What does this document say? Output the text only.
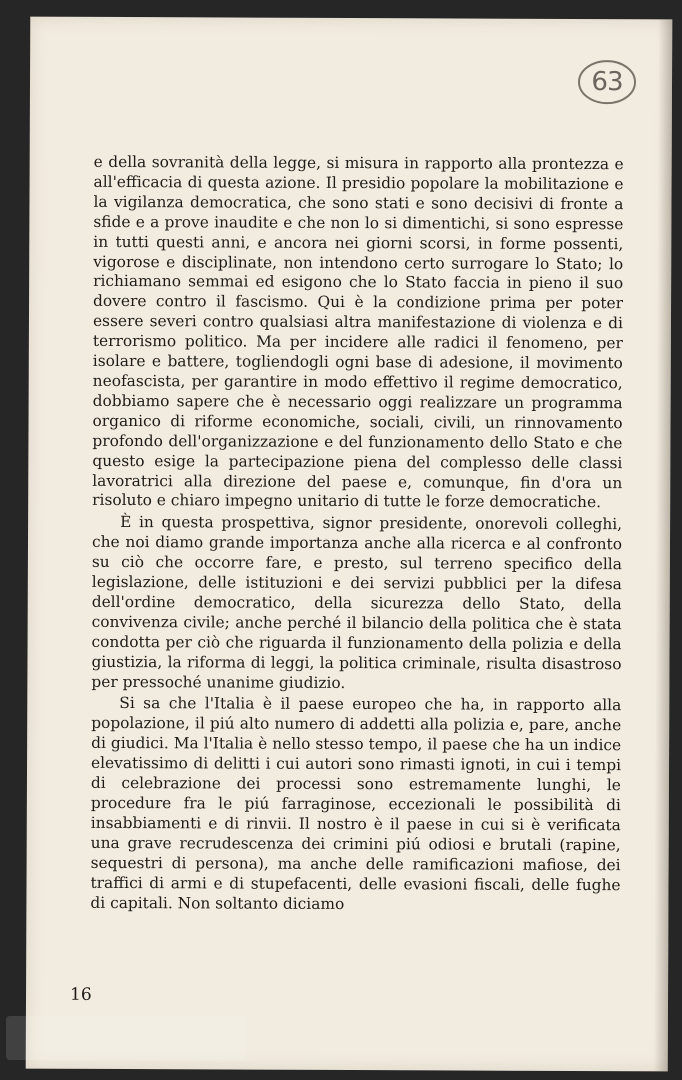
63

e della sovranità della legge, si misura in rapporto alla prontezza e all'efficacia di questa azione. Il presidio popolare la mobilitazione e la vigilanza democratica, che sono stati e sono decisivi di fronte a sfide e a prove inaudite e che non lo si dimentichi, si sono espresse in tutti questi anni, e ancora nei giorni scorsi, in forme possenti, vigorose e disciplinate, non intendono certo surrogare lo Stato; lo richiamano semmai ed esigono che lo Stato faccia in pieno il suo dovere contro il fascismo. Qui è la condizione prima per poter essere severi contro qualsiasi altra manifestazione di violenza e di terrorismo politico. Ma per incidere alle radici il fenomeno, per isolare e batterе, togliendogli ogni base di adesione, il movimento neofascista, per garantire in modo effettivo il regime democratico, dobbiamo sapere che è necessario oggi realizzare un programma organico di riforme economiche, sociali, civili, un rinnovamento profondo dell'organizzazione e del funzionamento dello Stato e che questo esige la partecipazione piena del complesso delle classi lavoratrici alla direzione del paese e, comunque, fin d'ora un risoluto e chiaro impegno unitario di tutte le forze democratiche.

È in questa prospettiva, signor presidente, onorevoli colleghi, che noi diamo grande importanza anche alla ricerca e al confronto su ciò che occorre fare, e presto, sul terreno specifico della legislazione, delle istituzioni e dei servizi pubblici per la difesa dell'ordine democratico, della sicurezza dello Stato, della convivenza civile; anche perché il bilancio della politica che è stata condotta per ciò che riguarda il funzionamento della polizia e della giustizia, la riforma di leggi, la politica criminale, risulta disastroso per pressoché unanime giudizio.

Si sa che l'Italia è il paese europeo che ha, in rapporto alla popolazione, il piú alto numero di addetti alla polizia e, pare, anche di giudici. Ma l'Italia è nello stesso tempo, il paese che ha un indice elevatissimo di delitti i cui autori sono rimasti ignoti, in cui i tempi di celebrazione dei processi sono estremamente lunghi, le procedure fra le piú farraginose, eccezionali le possibilità di insabbiamenti e di rinvii. Il nostro è il paese in cui si è verificata una grave recrudescenza dei crimini piú odiosi e brutali (rapine, sequestri di persona), ma anche delle ramificazioni mafiose, dei traffici di armi e di stupefacenti, delle evasioni fiscali, delle fughe di capitali. Non soltanto diciamo

16
